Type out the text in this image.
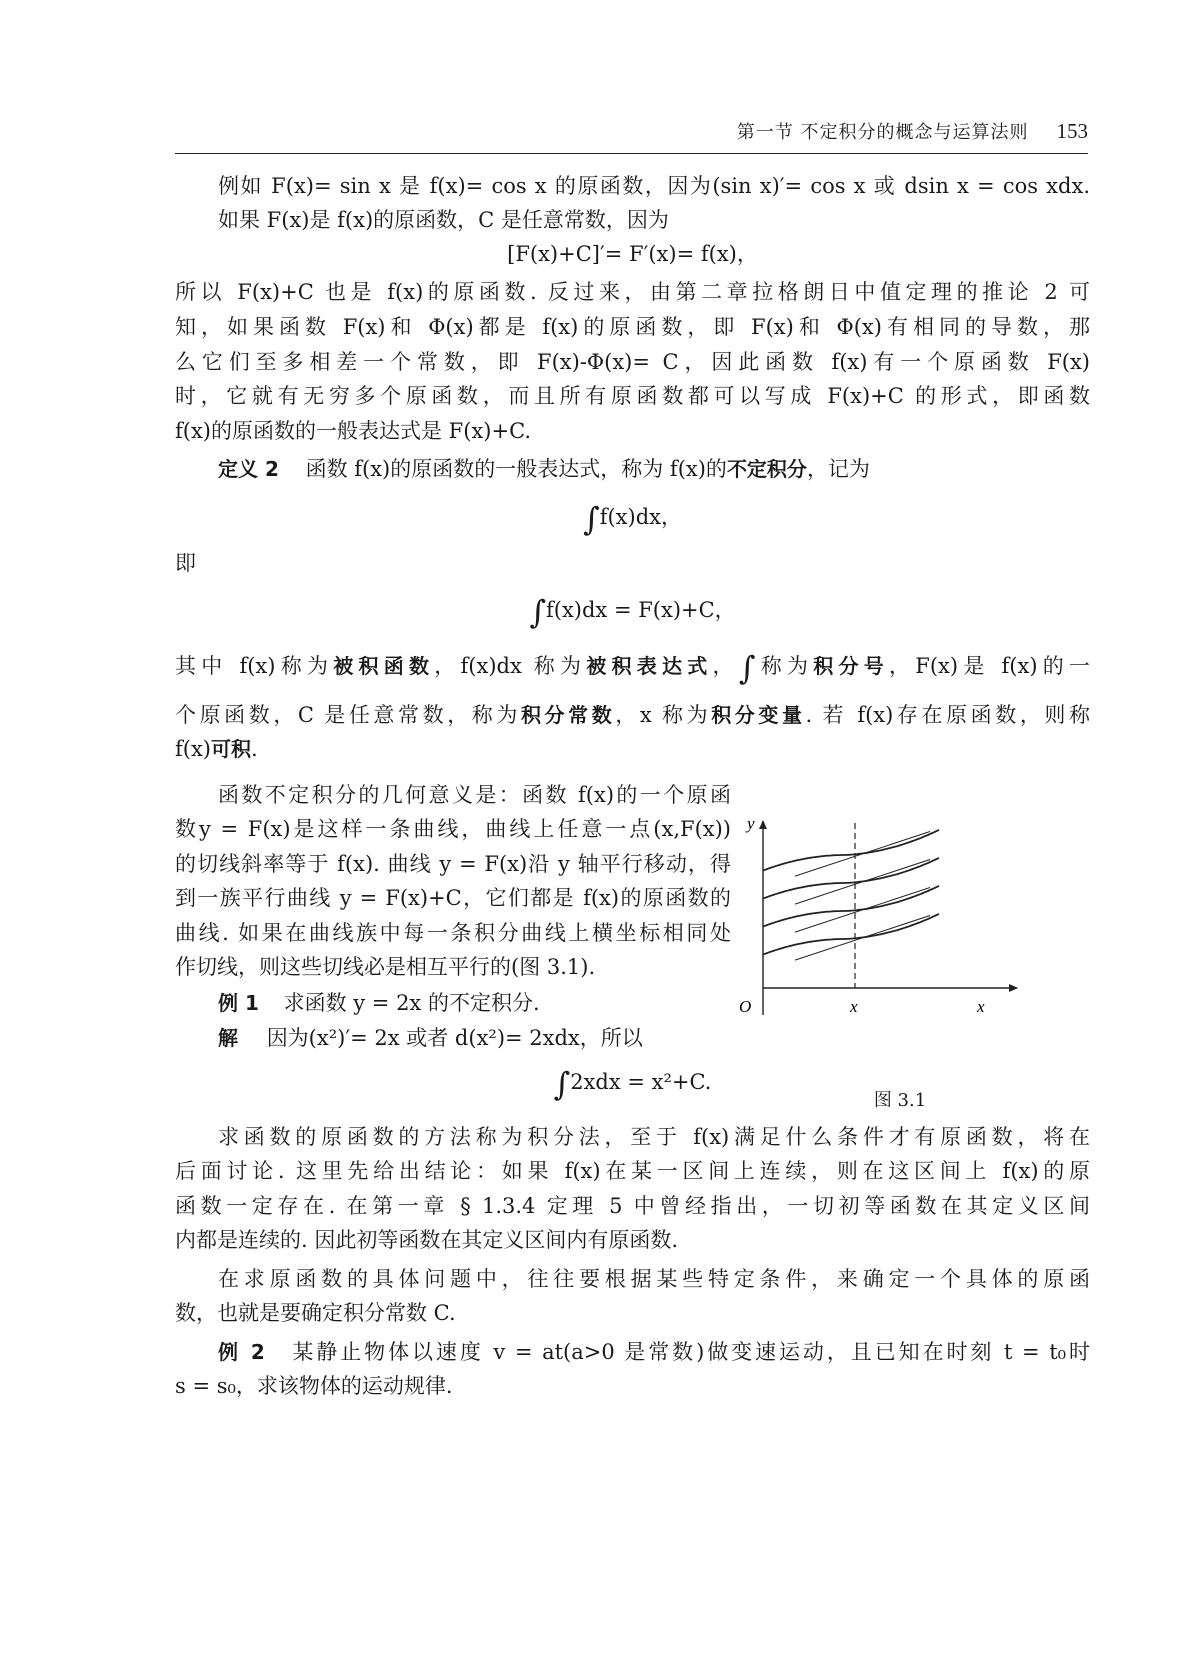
第一节 不定积分的概念与运算法则 153
例如 F(x)= sin x 是 f(x)= cos x 的原函数，因为(sin x)′= cos x 或 dsin x = cos xdx.
如果 F(x)是 f(x)的原函数，C 是任意常数，因为
[F(x)+C]′= F′(x)= f(x)，
所以 F(x)+C 也是 f(x)的原函数. 反过来，由第二章拉格朗日中值定理的推论 2 可
知，如果函数 F(x)和 Φ(x)都是 f(x)的原函数，即 F(x)和 Φ(x)有相同的导数，那
么它们至多相差一个常数，即 F(x)-Φ(x)= C，因此函数 f(x)有一个原函数 F(x)
时，它就有无穷多个原函数，而且所有原函数都可以写成 F(x)+C 的形式，即函数
f(x)的原函数的一般表达式是 F(x)+C.
定义 2 函数 f(x)的原函数的一般表达式，称为 f(x)的不定积分，记为
∫f(x)dx，
即
∫f(x)dx = F(x)+C，
其中 f(x)称为被积函数，f(x)dx 称为被积表达式，∫称为积分号，F(x)是 f(x)的一
个原函数，C 是任意常数，称为积分常数，x 称为积分变量. 若 f(x)存在原函数，则称
f(x)可积.
函数不定积分的几何意义是：函数 f(x)的一个原函
数y = F(x)是这样一条曲线，曲线上任意一点(x,F(x))
的切线斜率等于 f(x). 曲线 y = F(x)沿 y 轴平行移动，得
到一族平行曲线 y = F(x)+C，它们都是 f(x)的原函数的
曲线. 如果在曲线族中每一条积分曲线上横坐标相同处
作切线，则这些切线必是相互平行的(图 3.1).
例 1 求函数 y = 2x 的不定积分.
解 因为(x²)′= 2x 或者 d(x²)= 2xdx，所以
∫2xdx = x²+C.
y
x
O	x
图 3.1
求函数的原函数的方法称为积分法，至于 f(x)满足什么条件才有原函数，将在
后面讨论. 这里先给出结论：如果 f(x)在某一区间上连续，则在这区间上 f(x)的原
函数一定存在. 在第一章 § 1.3.4 定理 5 中曾经指出，一切初等函数在其定义区间
内都是连续的. 因此初等函数在其定义区间内有原函数.
在求原函数的具体问题中，往往要根据某些特定条件，来确定一个具体的原函
数，也就是要确定积分常数 C.
例 2 某静止物体以速度 v = at(a>0 是常数)做变速运动，且已知在时刻 t = t₀时
s = s₀，求该物体的运动规律.
